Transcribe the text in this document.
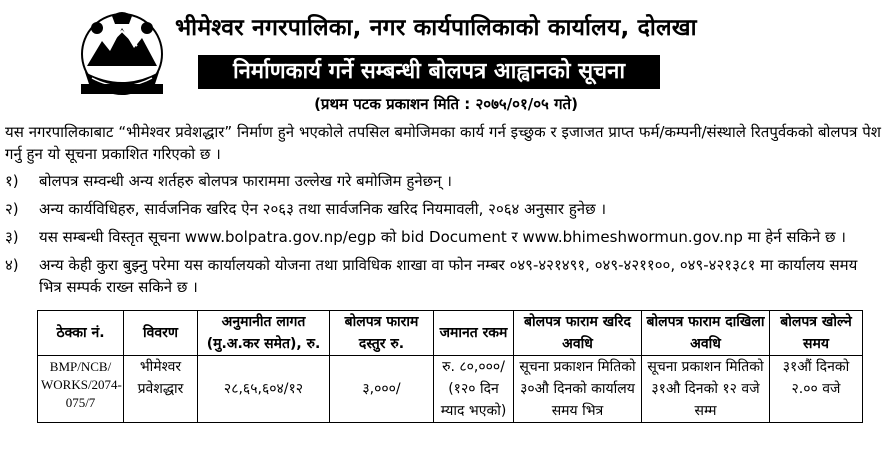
भीमेश्वर नगरपालिका, नगर कार्यपालिकाको कार्यालय, दोलखा
निर्माणकार्य गर्ने सम्बन्धी बोलपत्र आह्वानको सूचना
(प्रथम पटक प्रकाशन मिति : २०७५/०१/०५ गते)
यस नगरपालिकाबाट “भीमेश्वर प्रवेशद्धार” निर्माण हुने भएकोले तपसिल बमोजिमका कार्य गर्न इच्छुक र इजाजत प्राप्त फर्म/कम्पनी/संस्थाले रितपुर्वकको बोलपत्र पेश गर्नु हुन यो सूचना प्रकाशित गरिएको छ ।
१)	बोलपत्र सम्वन्धी अन्य शर्तहरु बोलपत्र फाराममा उल्लेख गरे बमोजिम हुनेछन् ।
२)	अन्य कार्यविधिहरु, सार्वजनिक खरिद ऐन २०६३ तथा सार्वजनिक खरिद नियमावली, २०६४ अनुसार हुनेछ ।
३)	यस सम्बन्धी विस्तृत सूचना www.bolpatra.gov.np/egp को bid Document र www.bhimeshwormun.gov.np मा हेर्न सकिने छ ।
४)	अन्य केही कुरा बुझ्नु परेमा यस कार्यालयको योजना तथा प्राविधिक शाखा वा फोन नम्बर ०४९-४२१४९१, ०४९-४२११००, ०४९-४२१३८१ मा कार्यालय समय भित्र सम्पर्क राख्न सकिने छ ।
ठेक्का नं.	विवरण	अनुमानीत लागत (मु.अ.कर समेत), रु.	बोलपत्र फाराम दस्तुर रु.	जमानत रकम	बोलपत्र फाराम खरिद अवधि	बोलपत्र फाराम दाखिला अवधि	बोलपत्र खोल्ने समय
BMP/NCB/ WORKS/2074-075/7	भीमेश्वर प्रवेशद्धार	२८,६५,६०४/१२	३,०००/	रु. ८०,०००/ (१२० दिन म्याद भएको)	सूचना प्रकाशन मितिको ३०औ दिनको कार्यालय समय भित्र	सूचना प्रकाशन मितिको ३१औ दिनको १२ वजे सम्म	३१औं दिनको २.०० वजे
